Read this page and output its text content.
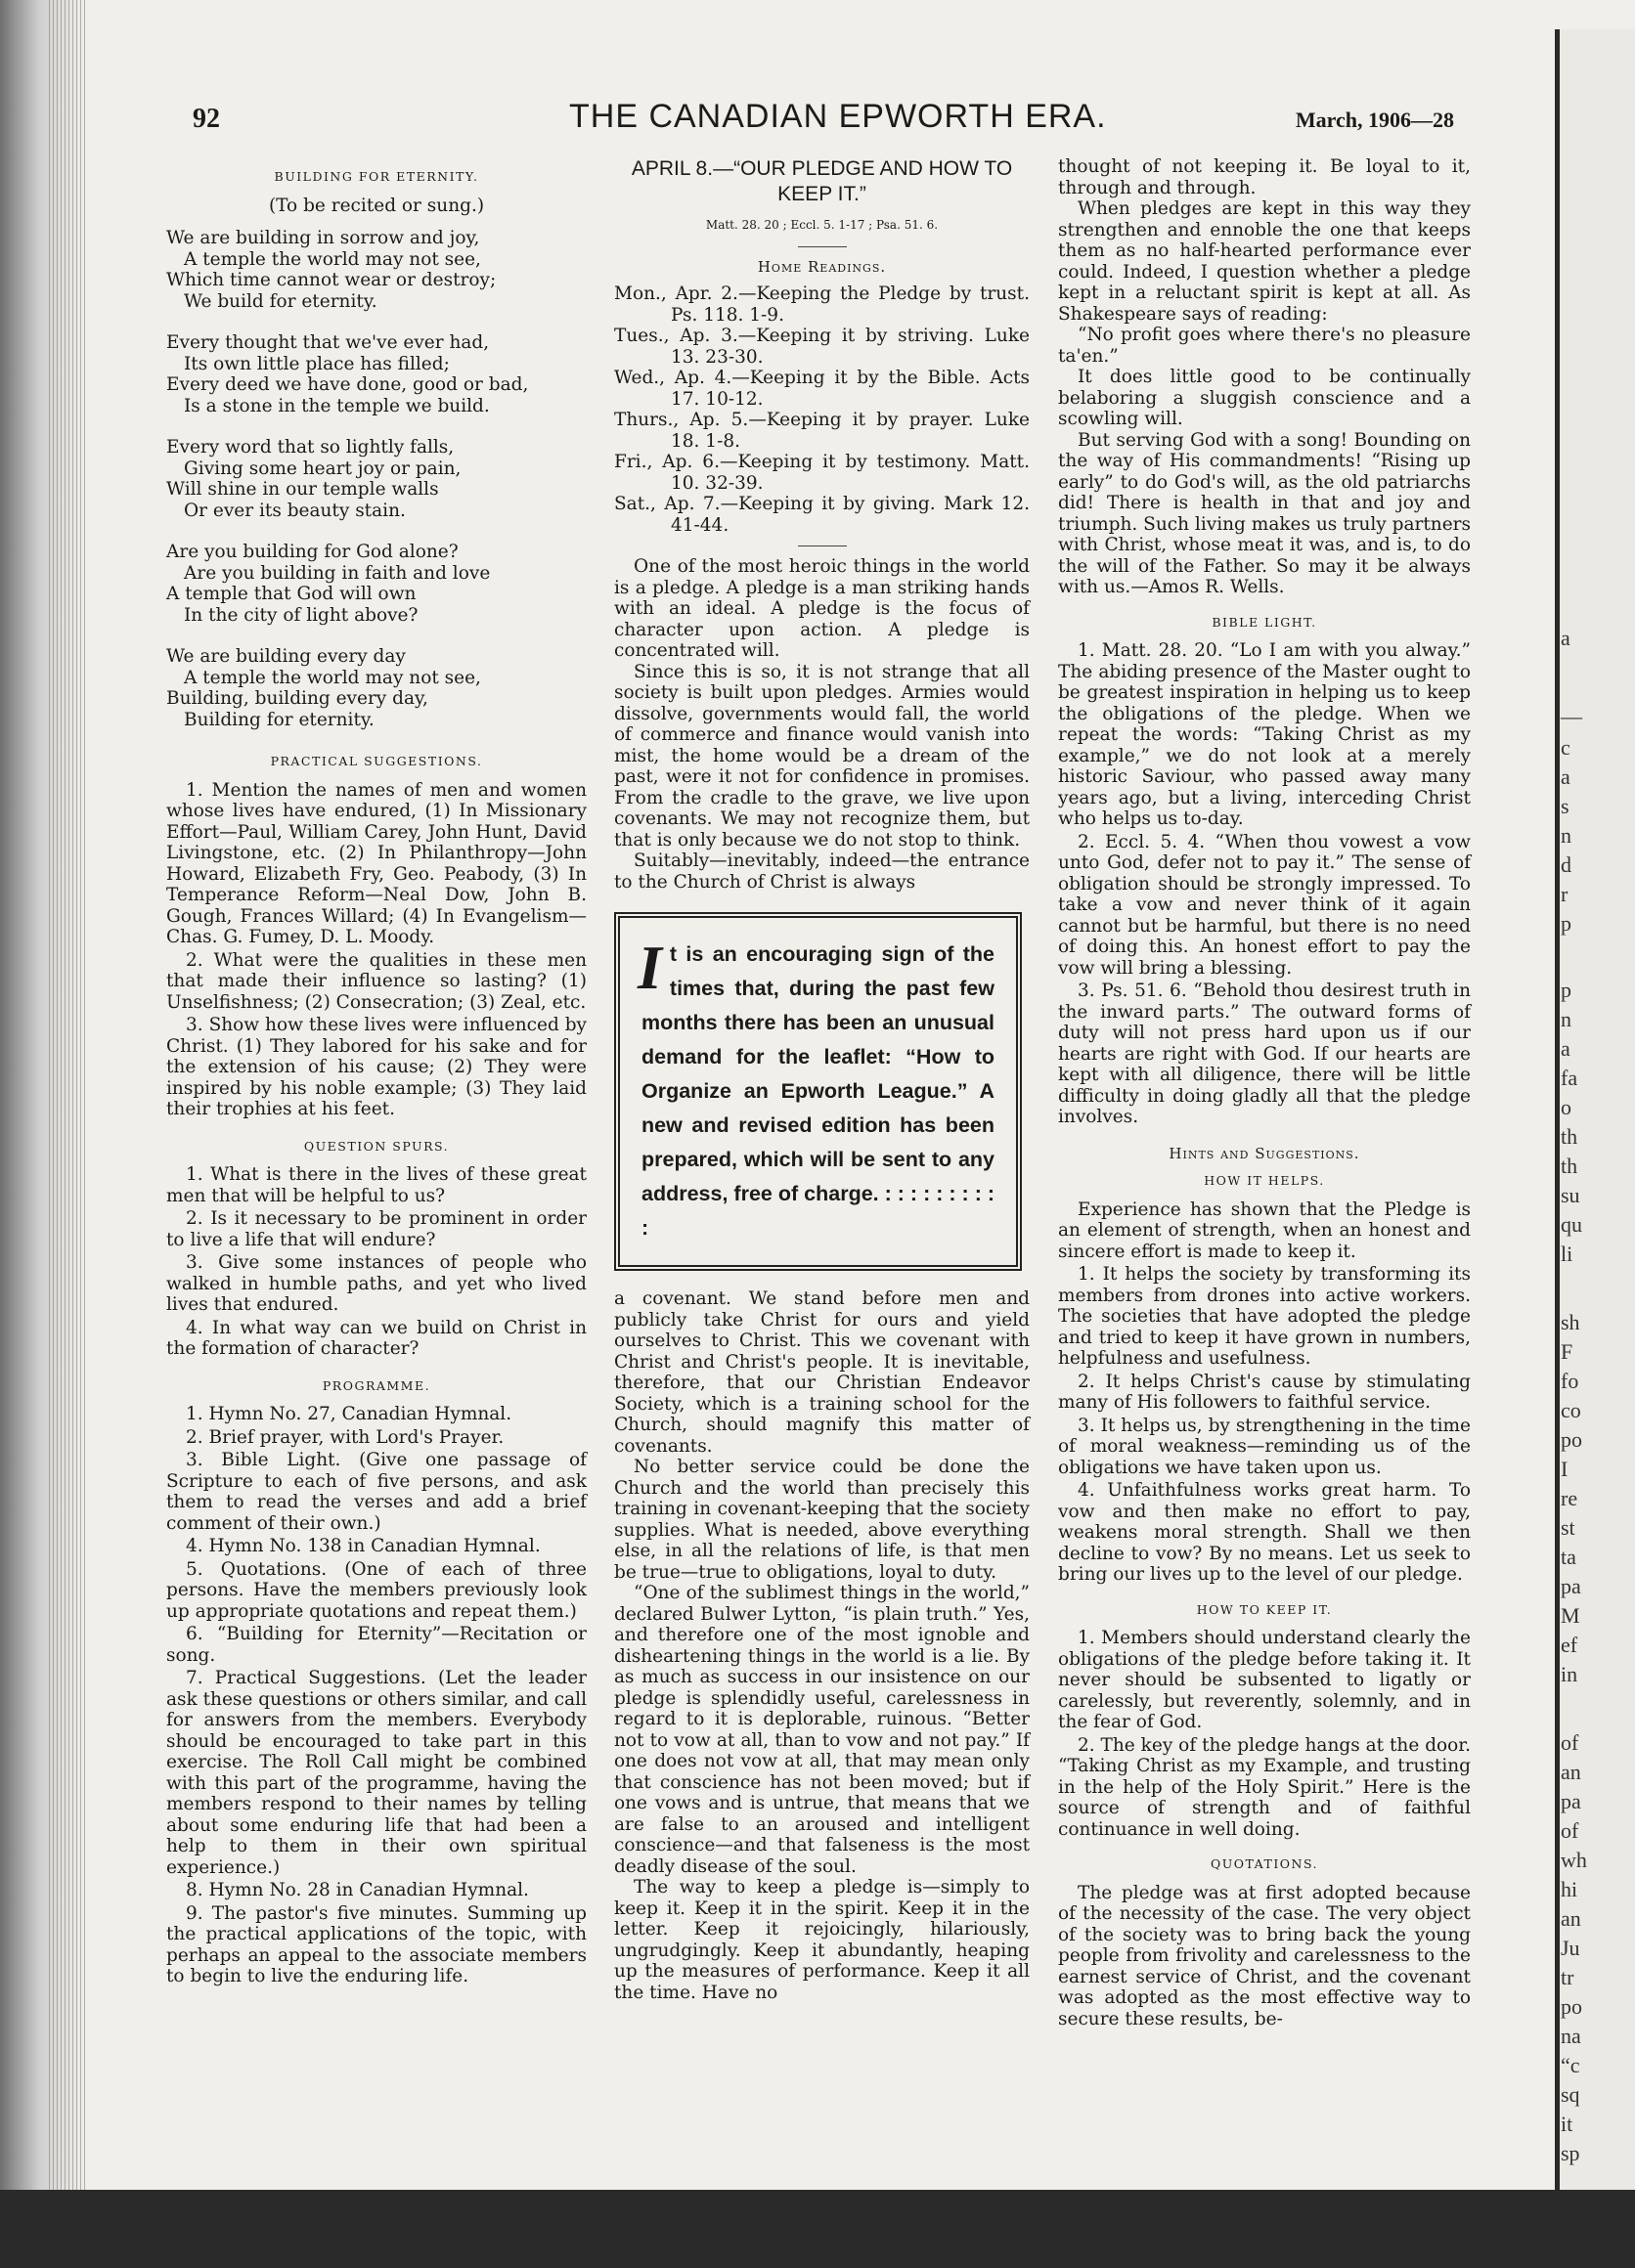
a
—
c
a
s
n
d
r
p
p
n
a
fa
o
th
th
su
qu
li
sh
F
fo
co
po
I
re
st
ta
pa
M
ef
in
of
an
pa
of
wh
hi
an
Ju
tr
po
na
“c
sq
it
sp
92	THE CANADIAN EPWORTH ERA.	March, 1906—28
BUILDING FOR ETERNITY.
(To be recited or sung.)

We are building in sorrow and joy,

A temple the world may not see,

Which time cannot wear or destroy;

We build for eternity.

Every thought that we've ever had,

Its own little place has filled;

Every deed we have done, good or bad,

Is a stone in the temple we build.

Every word that so lightly falls,

Giving some heart joy or pain,

Will shine in our temple walls

Or ever its beauty stain.

Are you building for God alone?

Are you building in faith and love

A temple that God will own

In the city of light above?

We are building every day

A temple the world may not see,

Building, building every day,

Building for eternity.

PRACTICAL SUGGESTIONS.

1. Mention the names of men and women whose lives have endured, (1) In Missionary Effort—Paul, William Carey, John Hunt, David Livingstone, etc. (2) In Philanthropy—John Howard, Elizabeth Fry, Geo. Peabody, (3) In Temperance Reform—Neal Dow, John B. Gough, Frances Willard; (4) In Evangelism—Chas. G. Fumey, D. L. Moody.

2. What were the qualities in these men that made their influence so lasting? (1) Unselfishness; (2) Consecration; (3) Zeal, etc.

3. Show how these lives were influenced by Christ. (1) They labored for his sake and for the extension of his cause; (2) They were inspired by his noble example; (3) They laid their trophies at his feet.

QUESTION SPURS.

1. What is there in the lives of these great men that will be helpful to us?

2. Is it necessary to be prominent in order to live a life that will endure?

3. Give some instances of people who walked in humble paths, and yet who lived lives that endured.

4. In what way can we build on Christ in the formation of character?

PROGRAMME.

1. Hymn No. 27, Canadian Hymnal.

2. Brief prayer, with Lord's Prayer.

3. Bible Light. (Give one passage of Scripture to each of five persons, and ask them to read the verses and add a brief comment of their own.)

4. Hymn No. 138 in Canadian Hymnal.

5. Quotations. (One of each of three persons. Have the members previously look up appropriate quotations and repeat them.)

6. “Building for Eternity”—Recitation or song.

7. Practical Suggestions. (Let the leader ask these questions or others similar, and call for answers from the members. Everybody should be encouraged to take part in this exercise. The Roll Call might be combined with this part of the programme, having the members respond to their names by telling about some enduring life that had been a help to them in their own spiritual experience.)

8. Hymn No. 28 in Canadian Hymnal.

9. The pastor's five minutes. Summing up the practical applications of the topic, with perhaps an appeal to the associate members to begin to live the enduring life.

APRIL 8.—“OUR PLEDGE AND HOW TO KEEP IT.”
Matt. 28. 20 ; Eccl. 5. 1-17 ; Psa. 51. 6.
Home Readings.

Mon., Apr. 2.—Keeping the Pledge by trust. Ps. 118. 1-9.

Tues., Ap. 3.—Keeping it by striving. Luke 13. 23-30.

Wed., Ap. 4.—Keeping it by the Bible. Acts 17. 10-12.

Thurs., Ap. 5.—Keeping it by prayer. Luke 18. 1-8.

Fri., Ap. 6.—Keeping it by testimony. Matt. 10. 32-39.

Sat., Ap. 7.—Keeping it by giving. Mark 12. 41-44.

One of the most heroic things in the world is a pledge. A pledge is a man striking hands with an ideal. A pledge is the focus of character upon action. A pledge is concentrated will.

Since this is so, it is not strange that all society is built upon pledges. Armies would dissolve, governments would fall, the world of commerce and finance would vanish into mist, the home would be a dream of the past, were it not for confidence in promises. From the cradle to the grave, we live upon covenants. We may not recognize them, but that is only because we do not stop to think.

Suitably—inevitably, indeed—the entrance to the Church of Christ is always

It is an encouraging sign of the times that, during the past few months there has been an unusual demand for the leaflet: “How to Organize an Epworth League.” A new and revised edition has been prepared, which will be sent to any address, free of charge. : : : : : : : : : :

a covenant. We stand before men and publicly take Christ for ours and yield ourselves to Christ. This we covenant with Christ and Christ's people. It is inevitable, therefore, that our Christian Endeavor Society, which is a training school for the Church, should magnify this matter of covenants.

No better service could be done the Church and the world than precisely this training in covenant-keeping that the society supplies. What is needed, above everything else, in all the relations of life, is that men be true—true to obligations, loyal to duty.

“One of the sublimest things in the world,” declared Bulwer Lytton, “is plain truth.” Yes, and therefore one of the most ignoble and disheartening things in the world is a lie. By as much as success in our insistence on our pledge is splendidly useful, carelessness in regard to it is deplorable, ruinous. “Better not to vow at all, than to vow and not pay.” If one does not vow at all, that may mean only that conscience has not been moved; but if one vows and is untrue, that means that we are false to an aroused and intelligent conscience—and that falseness is the most deadly disease of the soul.

The way to keep a pledge is—simply to keep it. Keep it in the spirit. Keep it in the letter. Keep it rejoicingly, hilariously, ungrudgingly. Keep it abundantly, heaping up the measures of performance. Keep it all the time. Have no

thought of not keeping it. Be loyal to it, through and through.

When pledges are kept in this way they strengthen and ennoble the one that keeps them as no half-hearted performance ever could. Indeed, I question whether a pledge kept in a reluctant spirit is kept at all. As Shakespeare says of reading:

“No profit goes where there's no pleasure ta'en.”

It does little good to be continually belaboring a sluggish conscience and a scowling will.

But serving God with a song! Bounding on the way of His commandments! “Rising up early” to do God's will, as the old patriarchs did! There is health in that and joy and triumph. Such living makes us truly partners with Christ, whose meat it was, and is, to do the will of the Father. So may it be always with us.—Amos R. Wells.

BIBLE LIGHT.

1. Matt. 28. 20. “Lo I am with you alway.” The abiding presence of the Master ought to be greatest inspiration in helping us to keep the obligations of the pledge. When we repeat the words: “Taking Christ as my example,” we do not look at a merely historic Saviour, who passed away many years ago, but a living, interceding Christ who helps us to-day.

2. Eccl. 5. 4. “When thou vowest a vow unto God, defer not to pay it.” The sense of obligation should be strongly impressed. To take a vow and never think of it again cannot but be harmful, but there is no need of doing this. An honest effort to pay the vow will bring a blessing.

3. Ps. 51. 6. “Behold thou desirest truth in the inward parts.” The outward forms of duty will not press hard upon us if our hearts are right with God. If our hearts are kept with all diligence, there will be little difficulty in doing gladly all that the pledge involves.

Hints and Suggestions.
HOW IT HELPS.

Experience has shown that the Pledge is an element of strength, when an honest and sincere effort is made to keep it.

1. It helps the society by transforming its members from drones into active workers. The societies that have adopted the pledge and tried to keep it have grown in numbers, helpfulness and usefulness.

2. It helps Christ's cause by stimulating many of His followers to faithful service.

3. It helps us, by strengthening in the time of moral weakness—reminding us of the obligations we have taken upon us.

4. Unfaithfulness works great harm. To vow and then make no effort to pay, weakens moral strength. Shall we then decline to vow? By no means. Let us seek to bring our lives up to the level of our pledge.

HOW TO KEEP IT.

1. Members should understand clearly the obligations of the pledge before taking it. It never should be subsented to ligatly or carelessly, but reverently, solemnly, and in the fear of God.

2. The key of the pledge hangs at the door. “Taking Christ as my Example, and trusting in the help of the Holy Spirit.” Here is the source of strength and of faithful continuance in well doing.

QUOTATIONS.

The pledge was at first adopted because of the necessity of the case. The very object of the society was to bring back the young people from frivolity and carelessness to the earnest service of Christ, and the covenant was adopted as the most effective way to secure these results, be-
